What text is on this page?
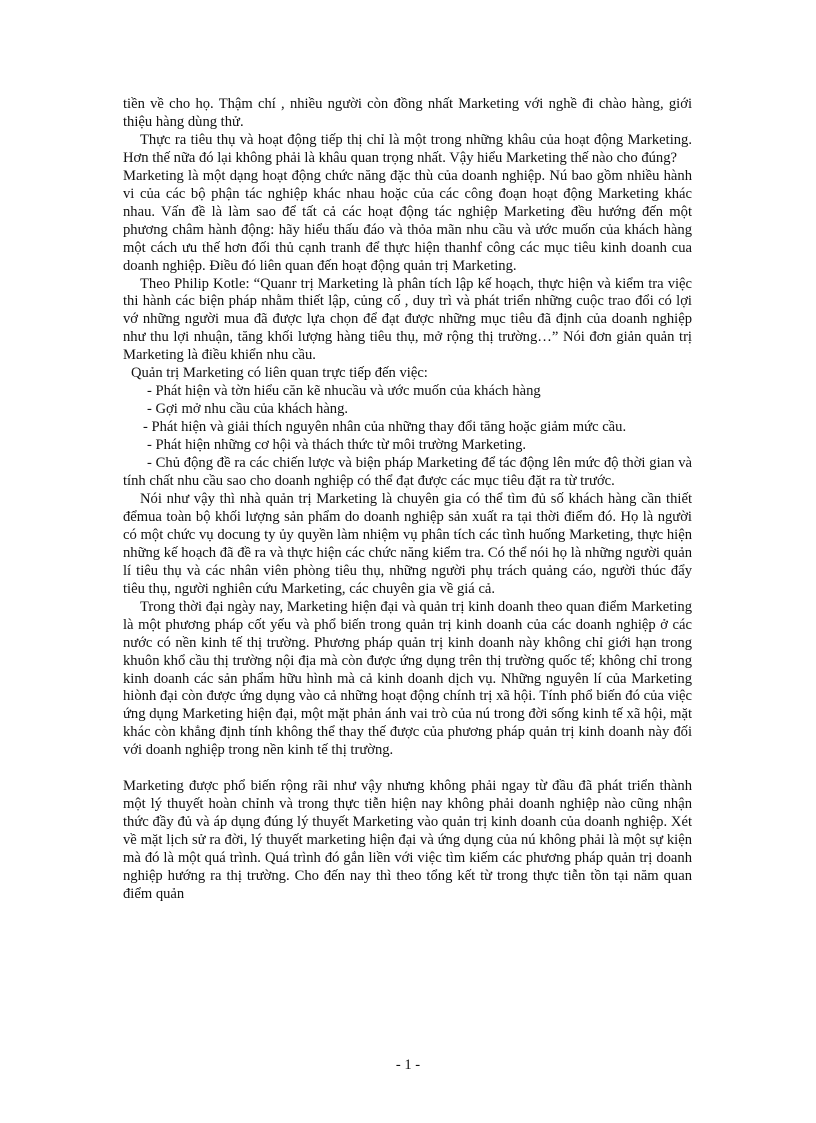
tiền về cho họ. Thậm chí , nhiều người còn đồng nhất Marketing với nghề đi chào hàng, giới thiệu hàng dùng thử.

Thực ra tiêu thụ và hoạt động tiếp thị chỉ là một trong những khâu của hoạt động Marketing. Hơn thế nữa đó lại không phải là khâu quan trọng nhất. Vậy hiểu Marketing thế nào cho đúng?

Marketing là một dạng hoạt động chức năng đặc thù của doanh nghiệp. Nú bao gồm nhiều hành vi của các bộ phận tác nghiệp khác nhau hoặc của các công đoạn hoạt động Marketing khác nhau. Vấn đề là làm sao để tất cả các hoạt động tác nghiệp Marketing đều hướng đến một phương châm hành động: hãy hiểu thấu đáo và thỏa mãn nhu cầu và ước muốn của khách hàng một cách ưu thế hơn đối thủ cạnh tranh để thực hiện thanhf công các mục tiêu kinh doanh cua doanh nghiệp. Điều đó liên quan đến hoạt động quản trị Marketing.

Theo Philip Kotle: “Quanr trị Marketing là phân tích lập kế hoạch, thực hiện và kiểm tra việc thi hành các biện pháp nhằm thiết lập, củng cố , duy trì và phát triển những cuộc trao đổi có lợi vớ những người mua đã được lựa chọn để đạt được những mục tiêu đã định của doanh nghiệp như thu lợi nhuận, tăng khối lượng hàng tiêu thụ, mở rộng thị trường…” Nói đơn giản quản trị Marketing là điều khiển nhu cầu.

Quản trị Marketing có liên quan trực tiếp đến việc:

- Phát hiện và tờn hiểu căn kẽ nhucầu và ước muốn của khách hàng

- Gợi mở nhu cầu của khách hàng.

- Phát hiện và giải thích nguyên nhân của những thay đổi tăng hoặc giảm mức cầu.

- Phát hiện những cơ hội và thách thức từ môi trường Marketing.

- Chủ động đề ra các chiến lược và biện pháp Marketing để tác động lên mức độ thời gian và tính chất nhu cầu sao cho doanh nghiệp có thể đạt được các mục tiêu đặt ra từ trước.

Nói như vậy thì nhà quản trị Marketing là chuyên gia có thể tìm đủ số khách hàng cần thiết đểmua toàn bộ khối lượng sản phẩm do doanh nghiệp sản xuất ra tại thời điểm đó. Họ là người có một chức vụ docung ty ủy quyền làm nhiệm vụ phân tích các tình huống Marketing, thực hiện những kế hoạch đã đề ra và thực hiện các chức năng kiểm tra. Có thể nói họ là những người quản lí tiêu thụ và các nhân viên phòng tiêu thụ, những người phụ trách quảng cáo, người thúc đẩy tiêu thụ, người nghiên cứu Marketing, các chuyên gia về giá cả.

Trong thời đại ngày nay, Marketing hiện đại và quản trị kinh doanh theo quan điểm Marketing là một phương pháp cốt yếu và phổ biến trong quản trị kinh doanh của các doanh nghiệp ở các nước có nền kinh tế thị trường. Phương pháp quản trị kinh doanh này không chỉ giới hạn trong khuôn khổ cầu thị trường nội địa mà còn được ứng dụng trên thị trường quốc tế; không chỉ trong kinh doanh các sản phẩm hữu hình mà cả kinh doanh dịch vụ. Những nguyên lí của Marketing hiònh đại còn được ứng dụng vào cả những hoạt động chính trị xã hội. Tính phổ biến đó của việc ứng dụng Marketing hiện đại, một mặt phản ánh vai trò của nú trong đời sống kinh tế xã hội, mặt khác còn khẳng định tính không thể thay thế được của phương pháp quản trị kinh doanh này đối với doanh nghiệp trong nền kinh tế thị trường.

Marketing được phổ biến rộng rãi như vậy nhưng không phải ngay từ đầu đã phát triển thành một lý thuyết hoàn chỉnh và trong thực tiễn hiện nay không phải doanh nghiệp nào cũng nhận thức đầy đủ và áp dụng đúng lý thuyết Marketing vào quản trị kinh doanh của doanh nghiệp. Xét về mặt lịch sử ra đời, lý thuyết marketing hiện đại và ứng dụng của nú không phải là một sự kiện mà đó là một quá trình. Quá trình đó gắn liền với việc tìm kiếm các phương pháp quản trị doanh nghiệp hướng ra thị trường. Cho đến nay thì theo tổng kết từ trong thực tiễn tồn tại năm quan điểm quản

- 1 -
